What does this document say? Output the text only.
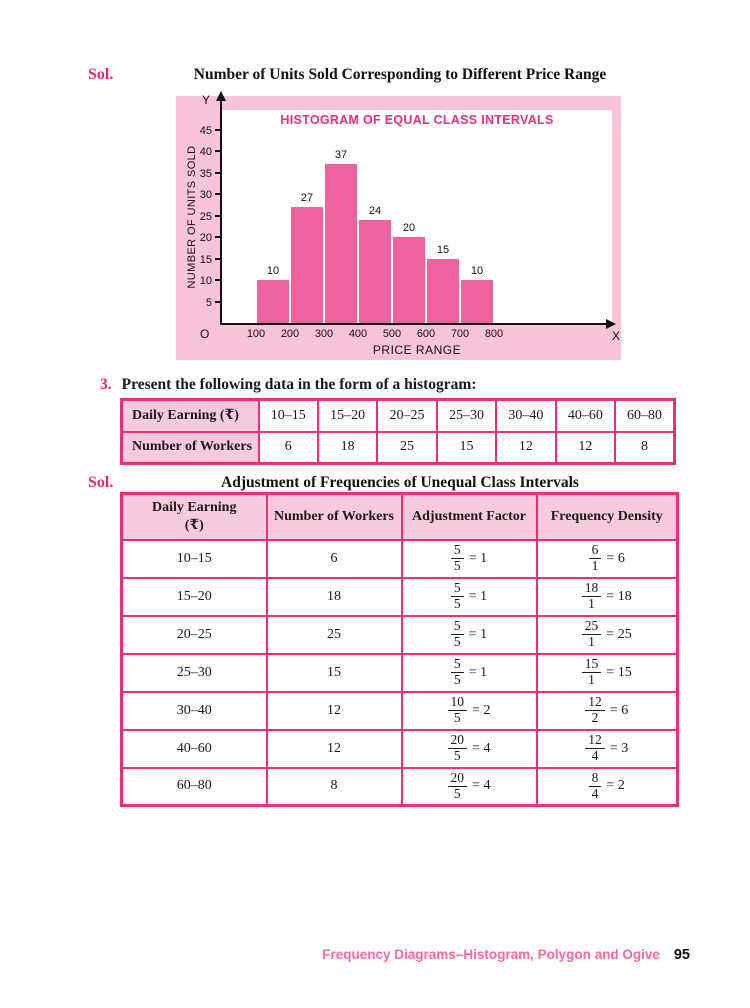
Sol.	Number of Units Sold Corresponding to Different Price Range
NUMBER OF UNITS SOLD
HISTOGRAM OF EQUAL CLASS INTERVALS
Y
O	X
PRICE RANGE
10
27
37
24
20
15
10
5
10
15
20
25
30
35
40
45
100	200	300	400	500	600	700	800
3. Present the following data in the form of a histogram:
Daily Earning (₹)	10–15	15–20	20–25	25–30	30–40	40–60	60–80
Number of Workers	6	18	25	15	12	12	8
Sol.	Adjustment of Frequencies of Unequal Class Intervals
Daily Earning
(₹)	Number of Workers	Adjustment Factor	Frequency Density
10–15	6	$\frac{5}{5} = 1$	$\frac{6}{1} = 6$

15–20	18	$\frac{5}{5} = 1$	$\frac{18}{1} = 18$

20–25	25	$\frac{5}{5} = 1$	$\frac{25}{1} = 25$

25–30	15	$\frac{5}{5} = 1$	$\frac{15}{1} = 15$

30–40	12	$\frac{10}{5} = 2$	$\frac{12}{2} = 6$

40–60	12	$\frac{20}{5} = 4$	$\frac{12}{4} = 3$

60–80	8	$\frac{20}{5} = 4$	$\frac{8}{4} = 2$
Frequency Diagrams–Histogram, Polygon and Ogive 95
